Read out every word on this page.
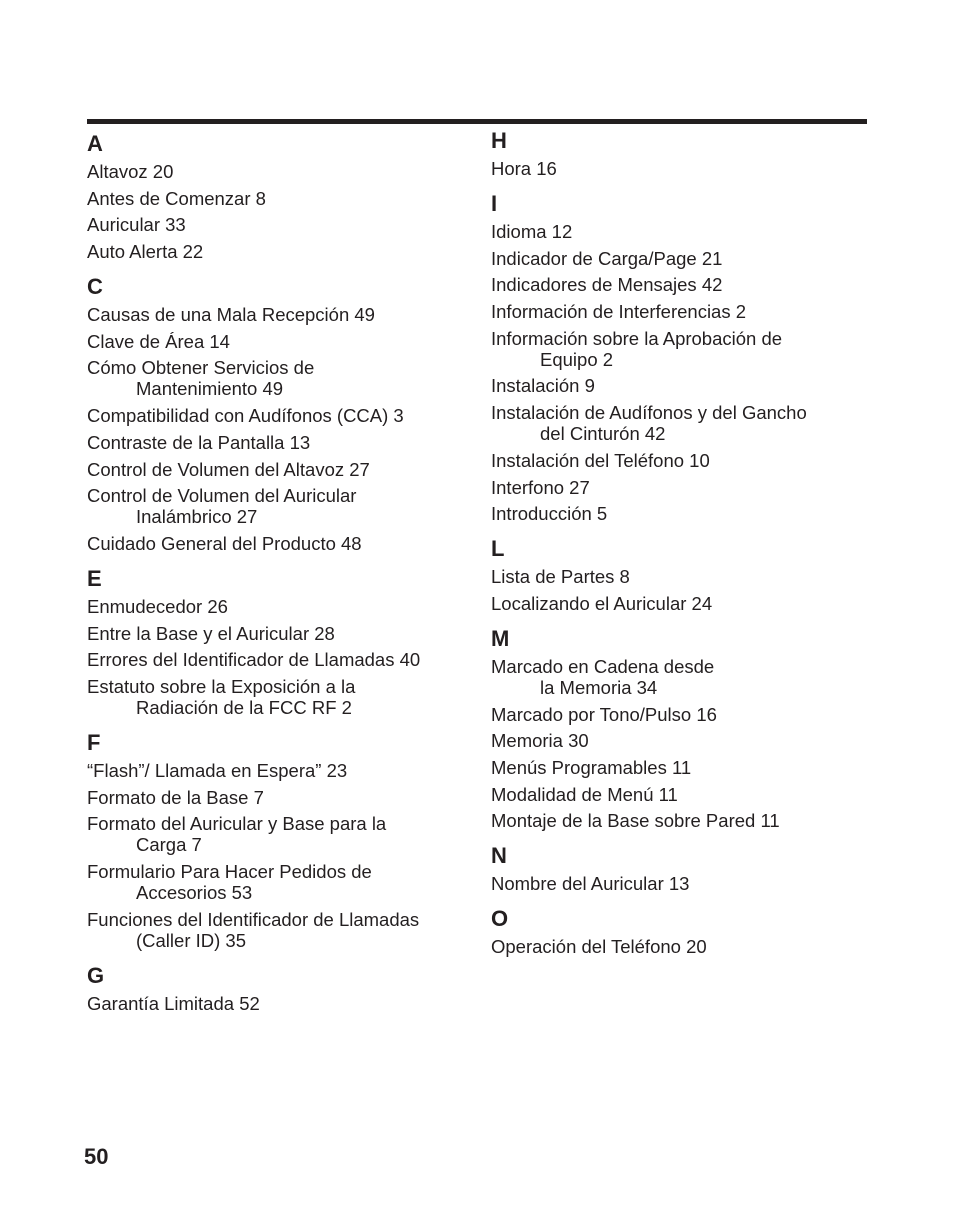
A
Altavoz 20
Antes de Comenzar 8
Auricular 33
Auto Alerta 22
C
Causas de una Mala Recepción 49
Clave de Área 14
Cómo Obtener Servicios de
Mantenimiento 49
Compatibilidad con Audífonos (CCA) 3
Contraste de la Pantalla 13
Control de Volumen del Altavoz 27
Control de Volumen del Auricular
Inalámbrico 27
Cuidado General del Producto 48
E
Enmudecedor 26
Entre la Base y el Auricular 28
Errores del Identificador de Llamadas 40
Estatuto sobre la Exposición a la
Radiación de la FCC RF 2
F
“Flash”/ Llamada en Espera” 23
Formato de la Base 7
Formato del Auricular y Base para la
Carga 7
Formulario Para Hacer Pedidos de
Accesorios 53
Funciones del Identificador de Llamadas
(Caller ID) 35
G
Garantía Limitada 52
H
Hora 16
I
Idioma 12
Indicador de Carga/Page 21
Indicadores de Mensajes 42
Información de Interferencias 2
Información sobre la Aprobación de
Equipo 2
Instalación 9
Instalación de Audífonos y del Gancho
del Cinturón 42
Instalación del Teléfono 10
Interfono 27
Introducción 5
L
Lista de Partes 8
Localizando el Auricular 24
M
Marcado en Cadena desde
la Memoria 34
Marcado por Tono/Pulso 16
Memoria 30
Menús Programables 11
Modalidad de Menú 11
Montaje de la Base sobre Pared 11
N
Nombre del Auricular 13
O
Operación del Teléfono 20
50
